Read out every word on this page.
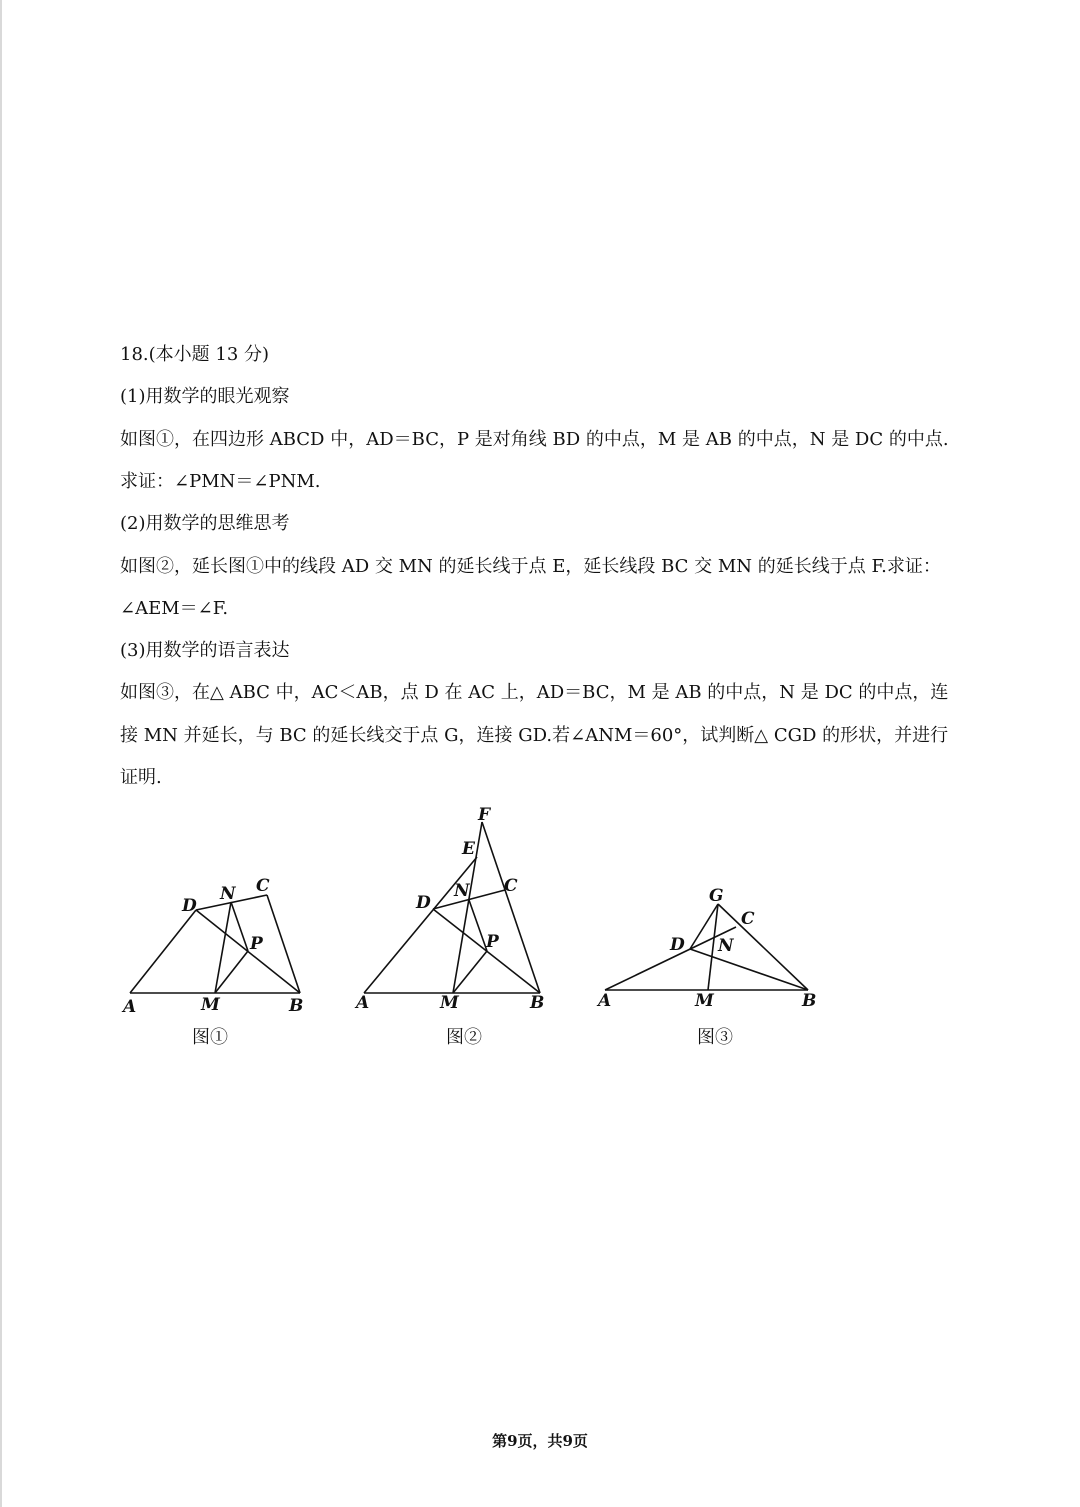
18.(本小题 13 分)
(1)用数学的眼光观察
如图①，在四边形 ABCD 中，AD＝BC，P 是对角线 BD 的中点，M 是 AB 的中点，N 是 DC 的中点.
求证：∠PMN＝∠PNM.
(2)用数学的思维思考
如图②，延长图①中的线段 AD 交 MN 的延长线于点 E，延长线段 BC 交 MN 的延长线于点 F.求证：
∠AEM＝∠F.
(3)用数学的语言表达
如图③，在△ ABC 中，AC＜AB，点 D 在 AC 上，AD＝BC，M 是 AB 的中点，N 是 DC 的中点，连
接 MN 并延长，与 BC 的延长线交于点 G，连接 GD.若∠ANM＝60°，试判断△ CGD 的形状，并进行
证明.
A	B
C
D
M
N
P
图①
A	B
C
D
E
F
M
N
P
图②
A	B
C
D
G
M
N
图③
第9页，共9页
